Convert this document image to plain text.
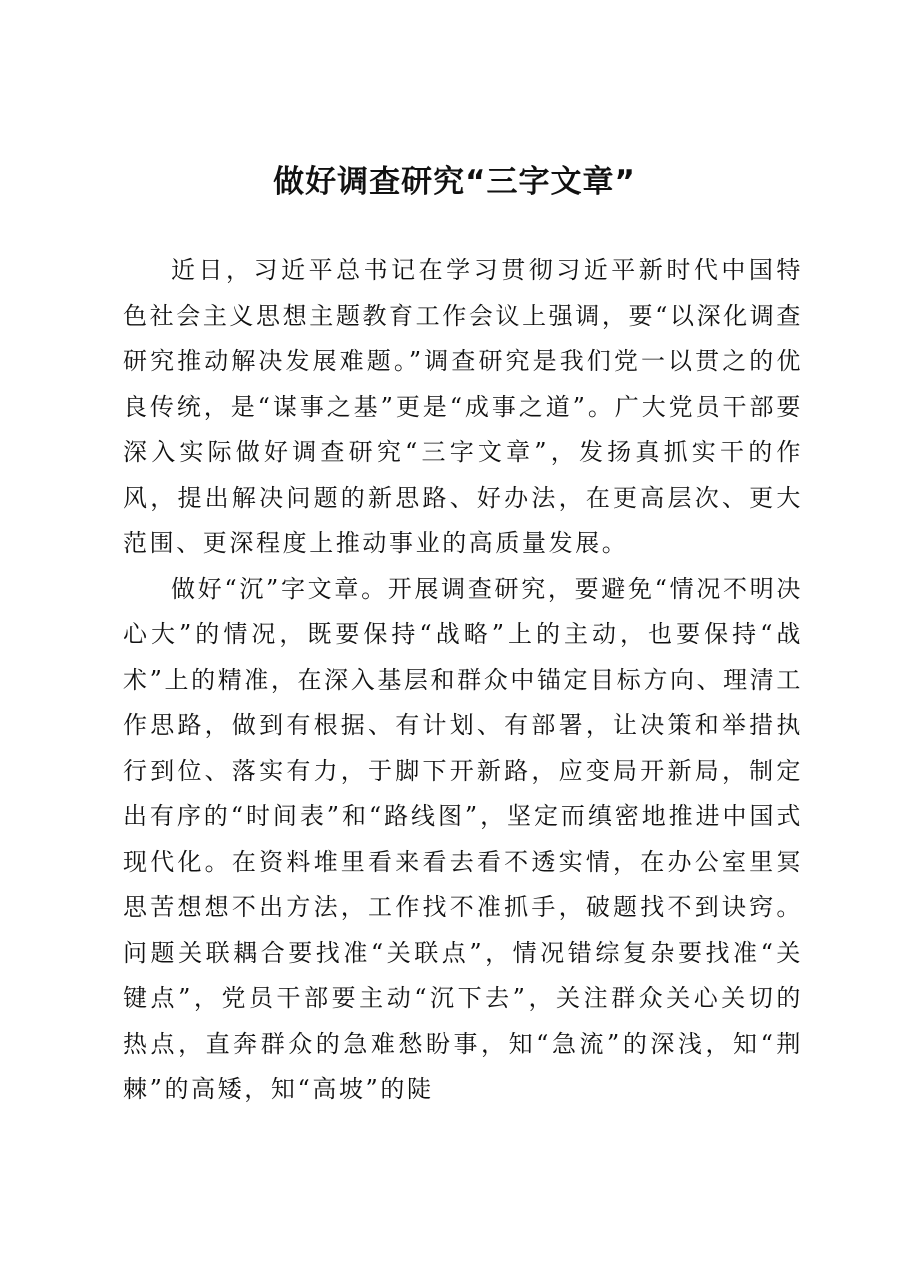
做好调查研究“三字文章”

近日，习近平总书记在学习贯彻习近平新时代中国特色社会主义思想主题教育工作会议上强调，要“以深化调查研究推动解决发展难题。”调查研究是我们党一以贯之的优良传统，是“谋事之基”更是“成事之道”。广大党员干部要深入实际做好调查研究“三字文章”，发扬真抓实干的作风，提出解决问题的新思路、好办法，在更高层次、更大范围、更深程度上推动事业的高质量发展。

做好“沉”字文章。开展调查研究，要避免“情况不明决心大”的情况，既要保持“战略”上的主动，也要保持“战术”上的精准，在深入基层和群众中锚定目标方向、理清工作思路，做到有根据、有计划、有部署，让决策和举措执行到位、落实有力，于脚下开新路，应变局开新局，制定出有序的“时间表”和“路线图”，坚定而缜密地推进中国式现代化。在资料堆里看来看去看不透实情，在办公室里冥思苦想想不出方法，工作找不准抓手，破题找不到诀窍。问题关联耦合要找准“关联点”，情况错综复杂要找准“关键点”，党员干部要主动“沉下去”，关注群众关心关切的热点，直奔群众的急难愁盼事，知“急流”的深浅，知“荆棘”的高矮，知“高坡”的陡
